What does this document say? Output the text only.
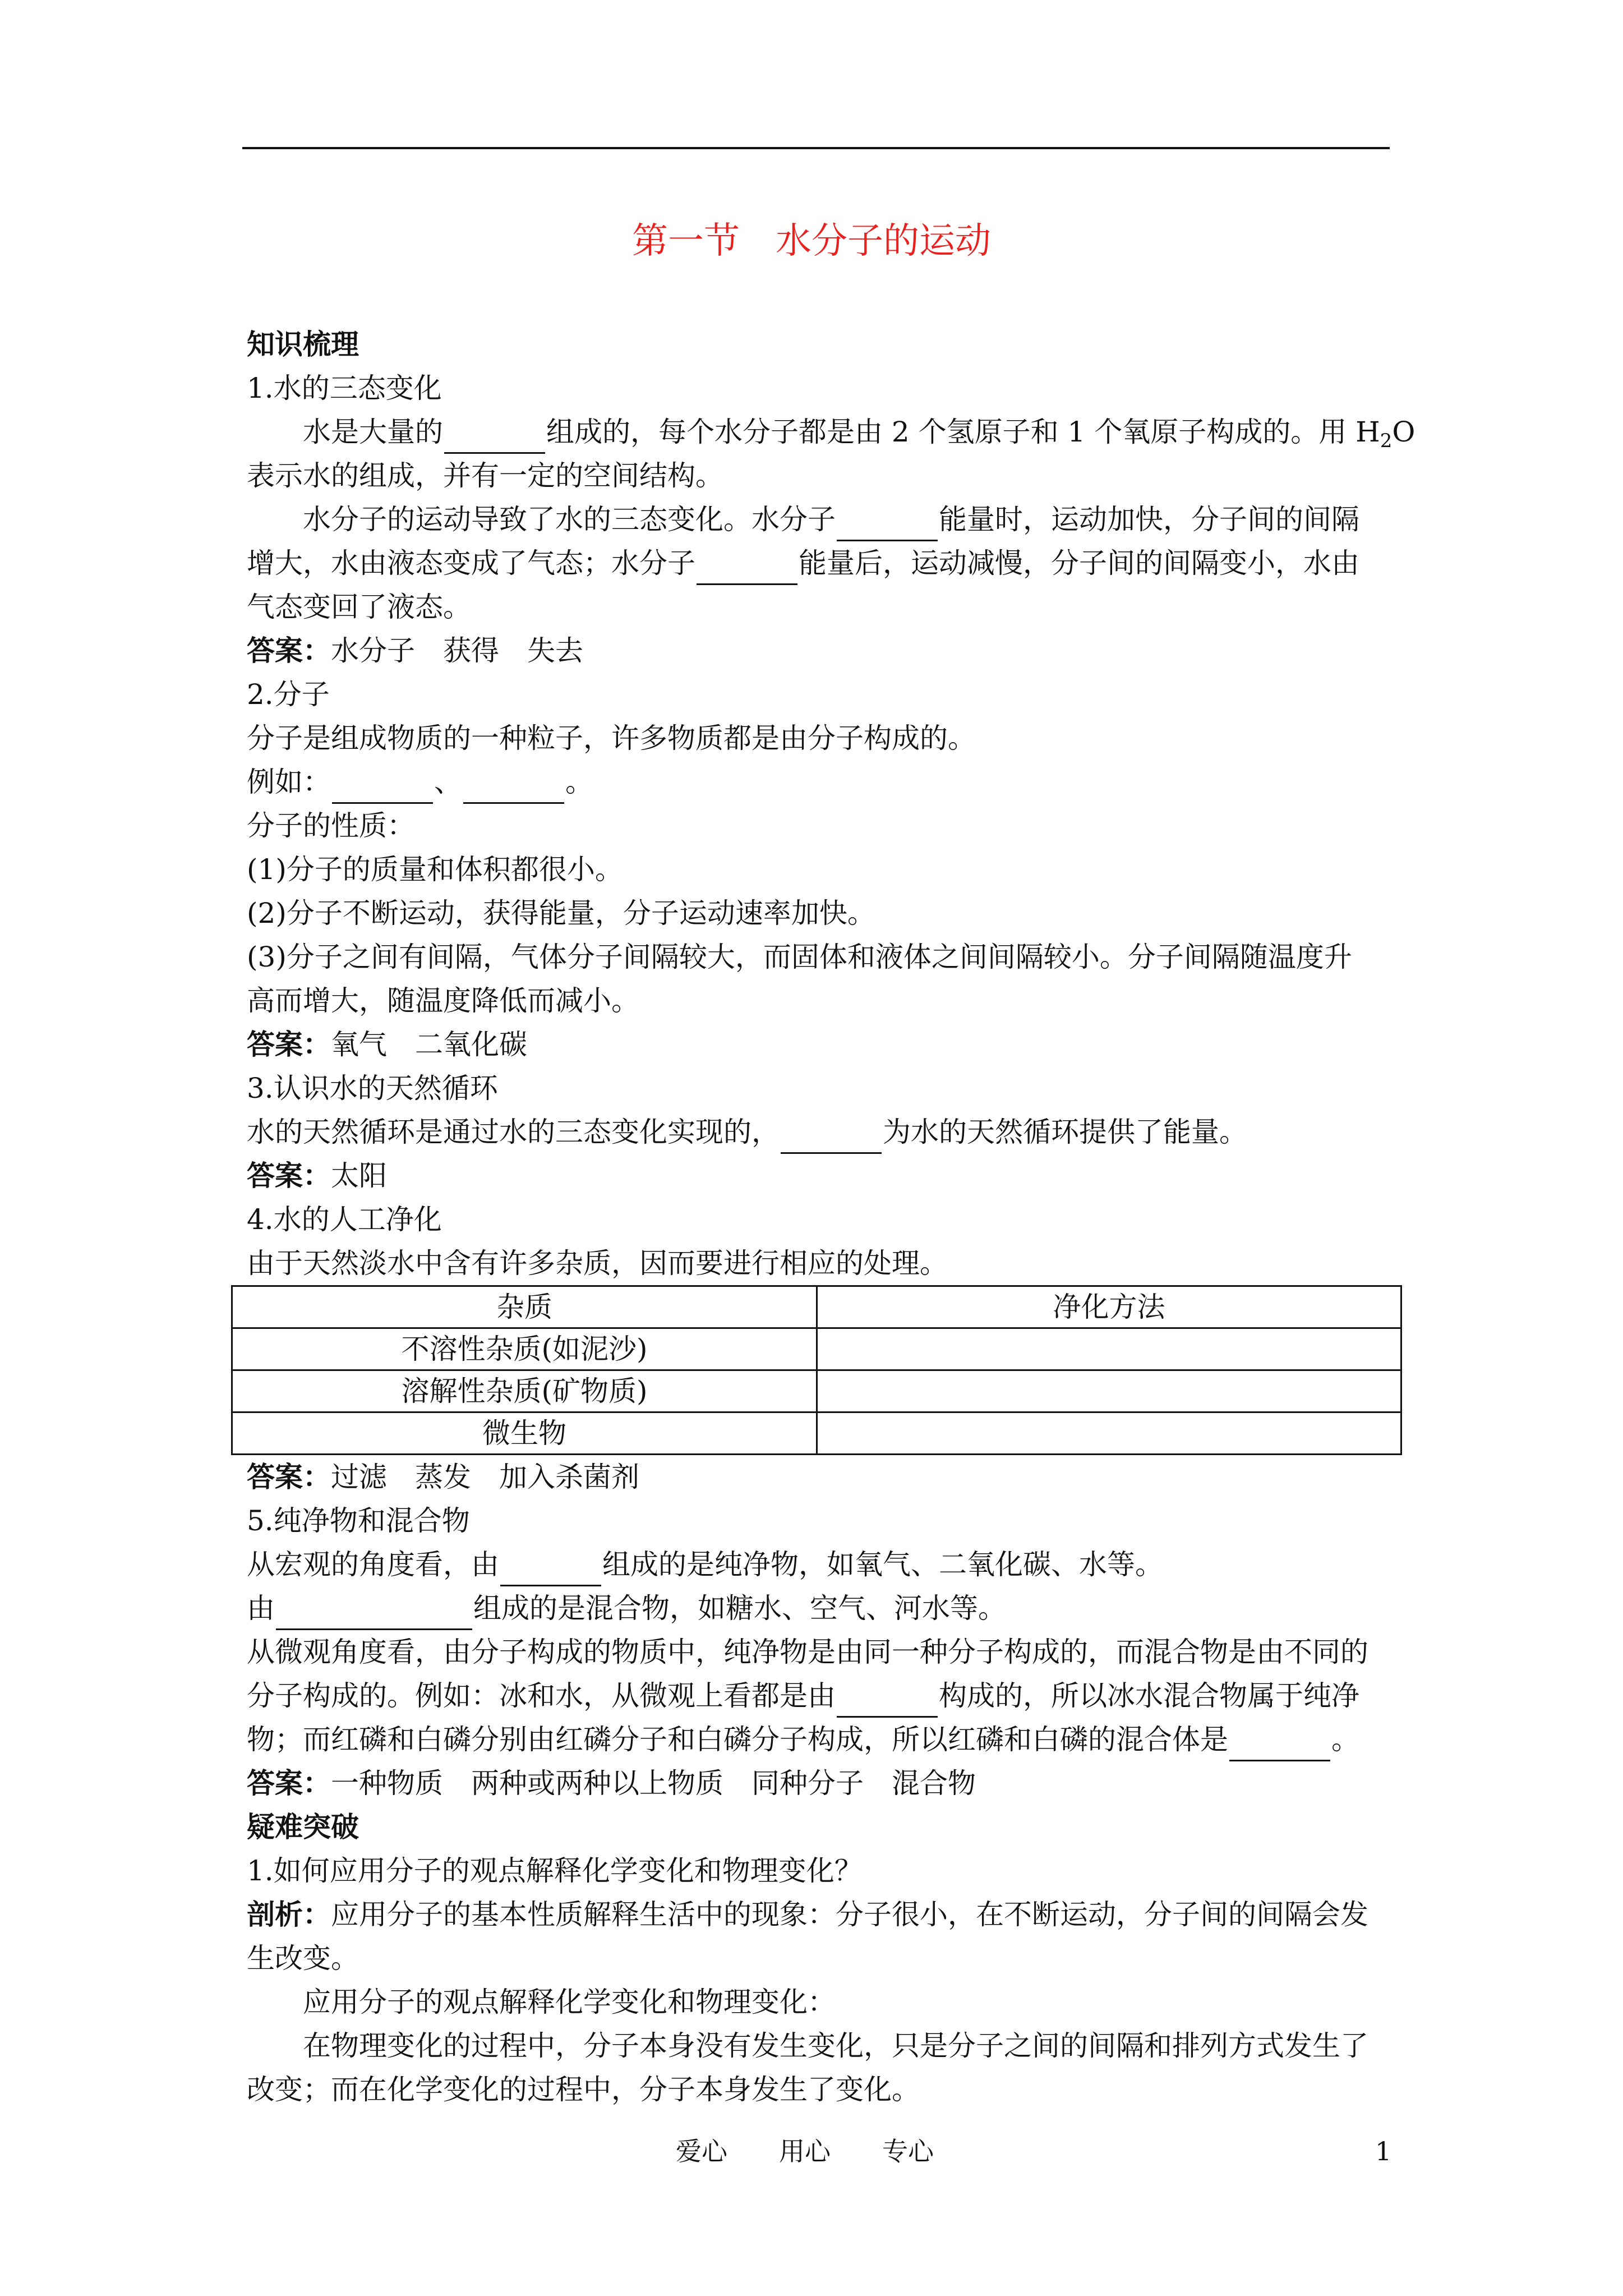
第一节　水分子的运动
知识梳理
1.水的三态变化
水是大量的	组成的，每个水分子都是由 2 个氢原子和 1 个氧原子构成的。用 $H_2O$
表示水的组成，并有一定的空间结构。
水分子的运动导致了水的三态变化。水分子	能量时，运动加快，分子间的间隔
增大，水由液态变成了气态；水分子	能量后，运动减慢，分子间的间隔变小，水由
气态变回了液态。
答案：水分子　获得　失去
2.分子
分子是组成物质的一种粒子，许多物质都是由分子构成的。
例如：	、	。
分子的性质：
(1)分子的质量和体积都很小。
(2)分子不断运动，获得能量，分子运动速率加快。
(3)分子之间有间隔，气体分子间隔较大，而固体和液体之间间隔较小。分子间隔随温度升
高而增大，随温度降低而减小。
答案：氧气　二氧化碳
3.认识水的天然循环
水的天然循环是通过水的三态变化实现的，	为水的天然循环提供了能量。
答案：太阳
4.水的人工净化
由于天然淡水中含有许多杂质，因而要进行相应的处理。
杂质	净化方法
不溶性杂质(如泥沙)	
溶解性杂质(矿物质)	
微生物	
答案：过滤　蒸发　加入杀菌剂
5.纯净物和混合物
从宏观的角度看，由	组成的是纯净物，如氧气、二氧化碳、水等。
由	组成的是混合物，如糖水、空气、河水等。
从微观角度看，由分子构成的物质中，纯净物是由同一种分子构成的，而混合物是由不同的
分子构成的。例如：冰和水，从微观上看都是由	构成的，所以冰水混合物属于纯净
物；而红磷和白磷分别由红磷分子和白磷分子构成，所以红磷和白磷的混合体是	。
答案：一种物质　两种或两种以上物质　同种分子　混合物
疑难突破
1.如何应用分子的观点解释化学变化和物理变化？
剖析：应用分子的基本性质解释生活中的现象：分子很小，在不断运动，分子间的间隔会发
生改变。
应用分子的观点解释化学变化和物理变化：
在物理变化的过程中，分子本身没有发生变化，只是分子之间的间隔和排列方式发生了
改变；而在化学变化的过程中，分子本身发生了变化。
爱心　　用心　　专心	1
